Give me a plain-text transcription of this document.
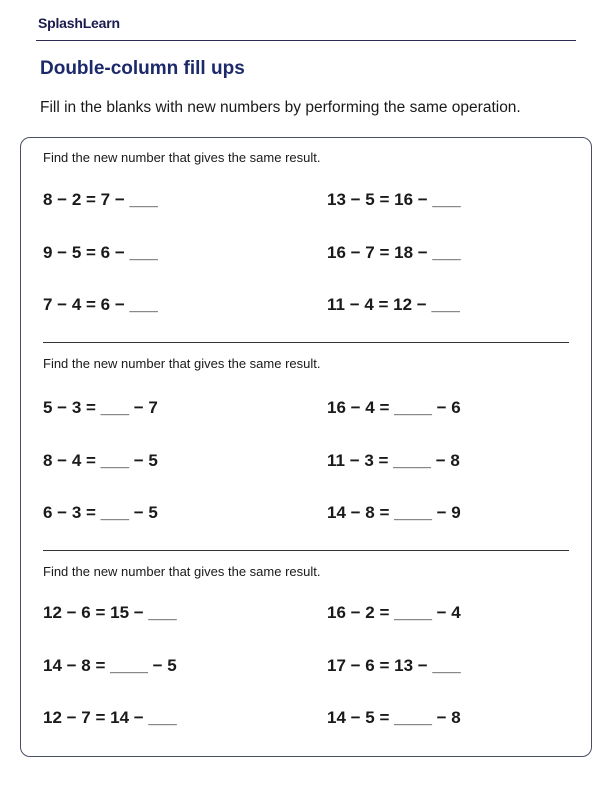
SplashLearn
Double-column fill ups
Fill in the blanks with new numbers by performing the same operation.
Find the new number that gives the same result.
8 − 2 = 7 − ___
9 − 5 = 6 − ___
7 − 4 = 6 − ___
13 − 5 = 16 − ___
16 − 7 = 18 − ___
11 − 4 = 12 − ___
Find the new number that gives the same result.
5 − 3 = ___ − 7
8 − 4 = ___ − 5
6 − 3 = ___ − 5
16 − 4 = ____ − 6
11 − 3 = ____ − 8
14 − 8 = ____ − 9
Find the new number that gives the same result.
12 − 6 = 15 − ___
14 − 8 = ____ − 5
12 − 7 = 14 − ___
16 − 2 = ____ − 4
17 − 6 = 13 − ___
14 − 5 = ____ − 8
